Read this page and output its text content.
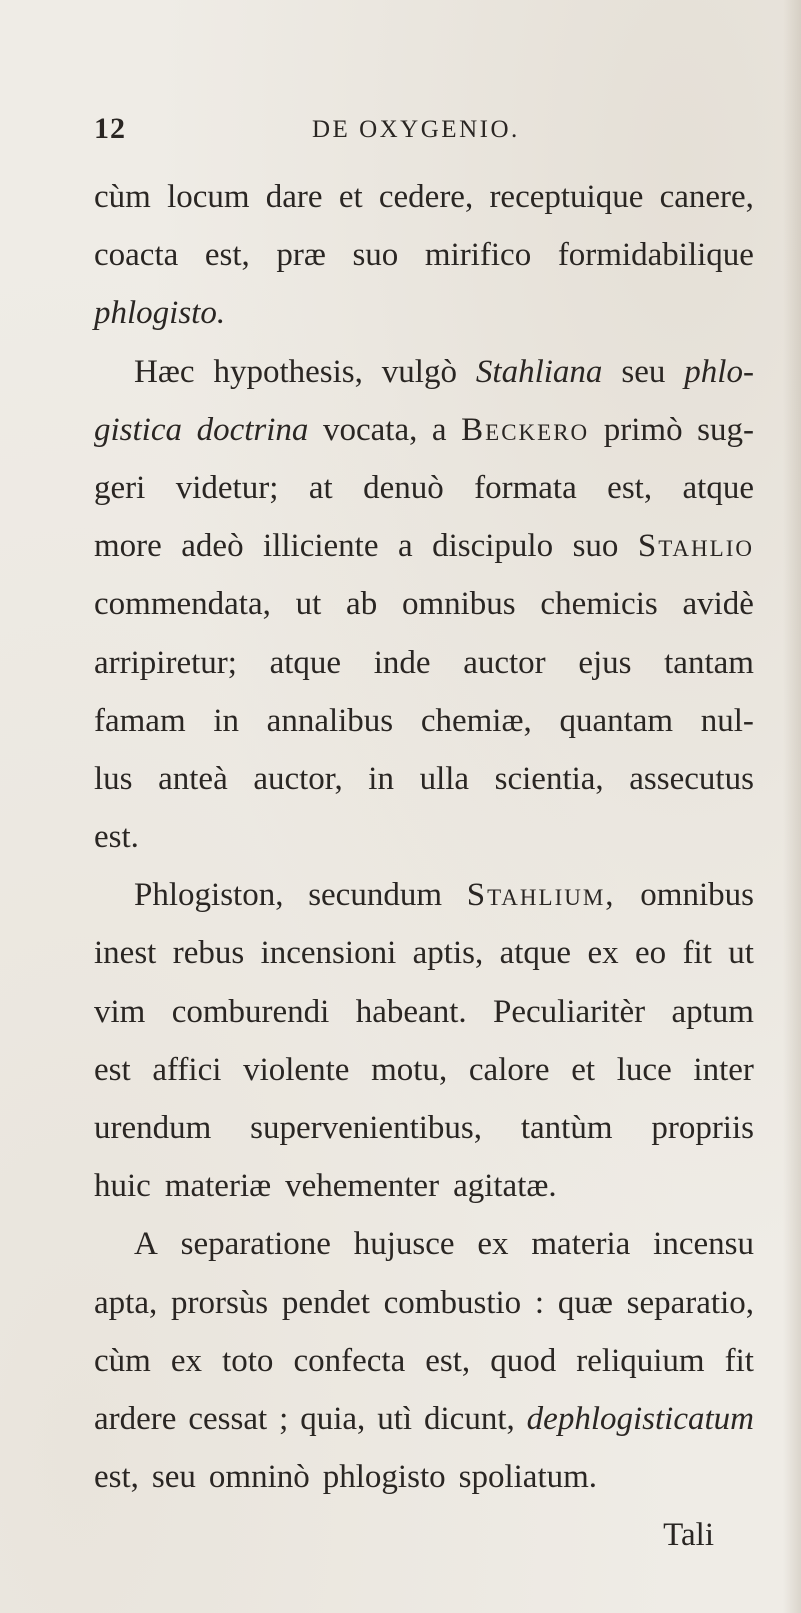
12	DE OXYGENIO.
cùm locum dare et cedere, receptuique canere,
coacta est, præ suo mirifico formidabilique
phlogisto.
Hæc hypothesis, vulgò Stahliana seu phlo-
gistica doctrina vocata, a Beckero primò sug-
geri videtur; at denuò formata est, atque
more adeò illiciente a discipulo suo Stahlio
commendata, ut ab omnibus chemicis avidè
arripiretur; atque inde auctor ejus tantam
famam in annalibus chemiæ, quantam nul-
lus anteà auctor, in ulla scientia, assecutus
est.
Phlogiston, secundum Stahlium, omnibus
inest rebus incensioni aptis, atque ex eo fit ut
vim comburendi habeant. Peculiaritèr aptum
est affici violente motu, calore et luce inter
urendum supervenientibus, tantùm propriis
huic materiæ vehementer agitatæ.
A separatione hujusce ex materia incensu
apta, prorsùs pendet combustio : quæ separatio,
cùm ex toto confecta est, quod reliquium fit
ardere cessat ; quia, utì dicunt, dephlogisticatum
est, seu omninò phlogisto spoliatum.
Tali
